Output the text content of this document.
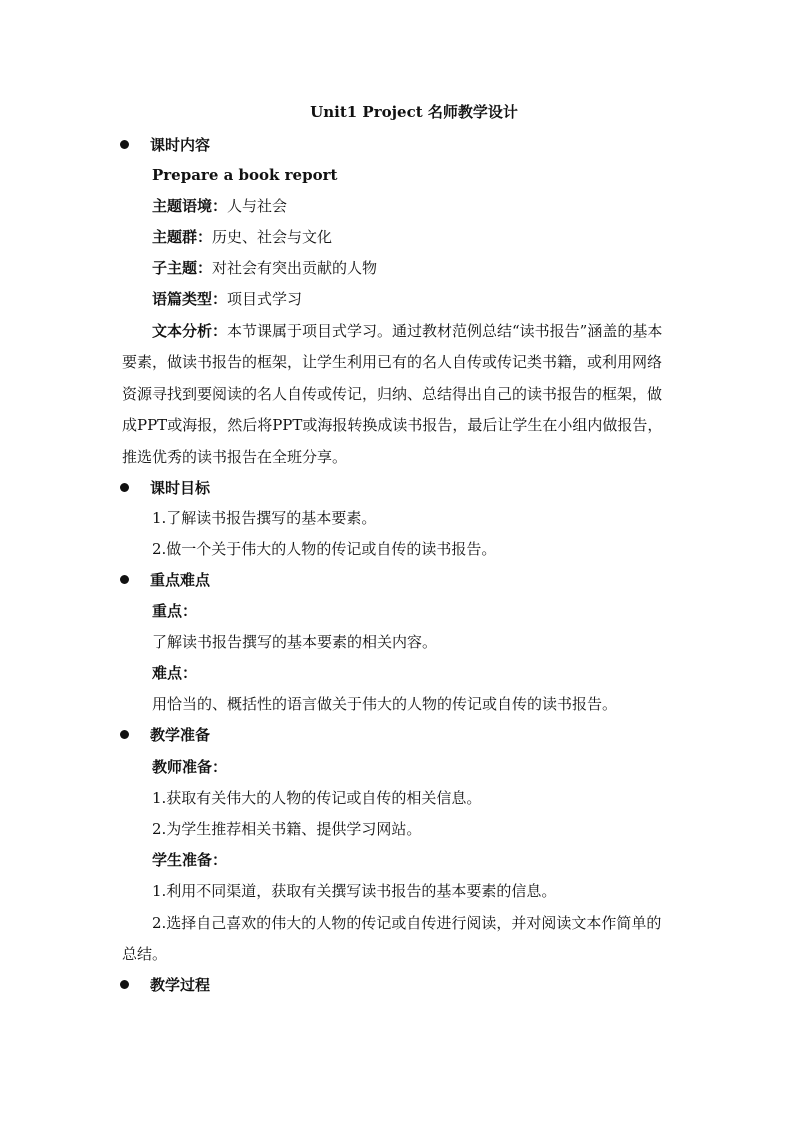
Unit1 Project 名师教学设计
课时内容
Prepare a book report
主题语境：人与社会
主题群：历史、社会与文化
子主题：对社会有突出贡献的人物
语篇类型：项目式学习
文本分析：本节课属于项目式学习。通过教材范例总结“读书报告”涵盖的基本要素，做读书报告的框架，让学生利用已有的名人自传或传记类书籍，或利用网络资源寻找到要阅读的名人自传或传记，归纳、总结得出自己的读书报告的框架，做成PPT或海报，然后将PPT或海报转换成读书报告，最后让学生在小组内做报告，推选优秀的读书报告在全班分享。
课时目标
1.了解读书报告撰写的基本要素。
2.做一个关于伟大的人物的传记或自传的读书报告。
重点难点
重点：
了解读书报告撰写的基本要素的相关内容。
难点：
用恰当的、概括性的语言做关于伟大的人物的传记或自传的读书报告。
教学准备
教师准备：
1.获取有关伟大的人物的传记或自传的相关信息。
2.为学生推荐相关书籍、提供学习网站。
学生准备：
1.利用不同渠道，获取有关撰写读书报告的基本要素的信息。
2.选择自己喜欢的伟大的人物的传记或自传进行阅读，并对阅读文本作简单的总结。
教学过程
